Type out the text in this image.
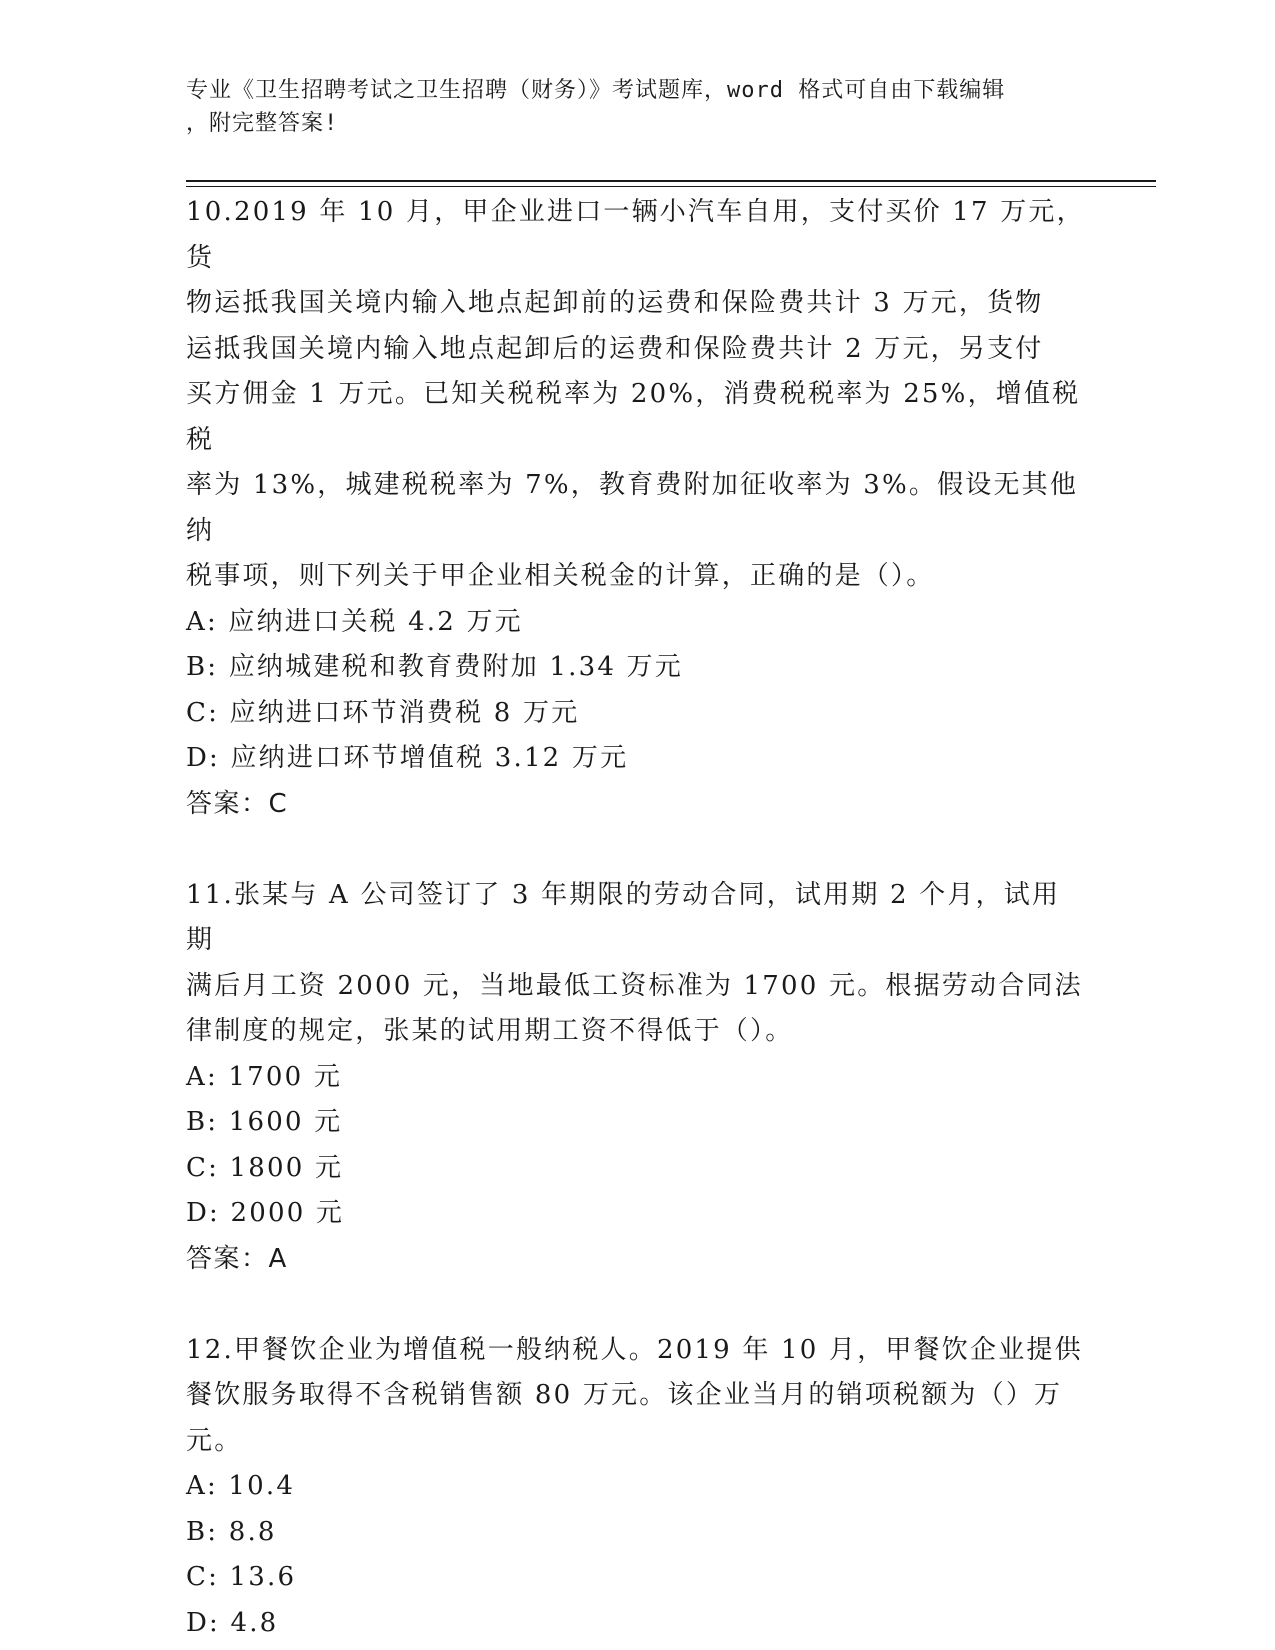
专业《卫生招聘考试之卫生招聘（财务）》考试题库，word 格式可自由下载编辑
，附完整答案!
10.2019 年 10 月，甲企业进口一辆小汽车自用，支付买价 17 万元，货
物运抵我国关境内输入地点起卸前的运费和保险费共计 3 万元，货物
运抵我国关境内输入地点起卸后的运费和保险费共计 2 万元，另支付
买方佣金 1 万元。已知关税税率为 20%，消费税税率为 25%，增值税税
率为 13%，城建税税率为 7%，教育费附加征收率为 3%。假设无其他纳
税事项，则下列关于甲企业相关税金的计算，正确的是（）。
A: 应纳进口关税 4.2 万元
B: 应纳城建税和教育费附加 1.34 万元
C: 应纳进口环节消费税 8 万元
D: 应纳进口环节增值税 3.12 万元
答案：C
11.张某与 A 公司签订了 3 年期限的劳动合同，试用期 2 个月，试用期
满后月工资 2000 元，当地最低工资标准为 1700 元。根据劳动合同法
律制度的规定，张某的试用期工资不得低于（）。
A: 1700 元
B: 1600 元
C: 1800 元
D: 2000 元
答案：A
12.甲餐饮企业为增值税一般纳税人。2019 年 10 月，甲餐饮企业提供
餐饮服务取得不含税销售额 80 万元。该企业当月的销项税额为（）万
元。
A: 10.4
B: 8.8
C: 13.6
D: 4.8
